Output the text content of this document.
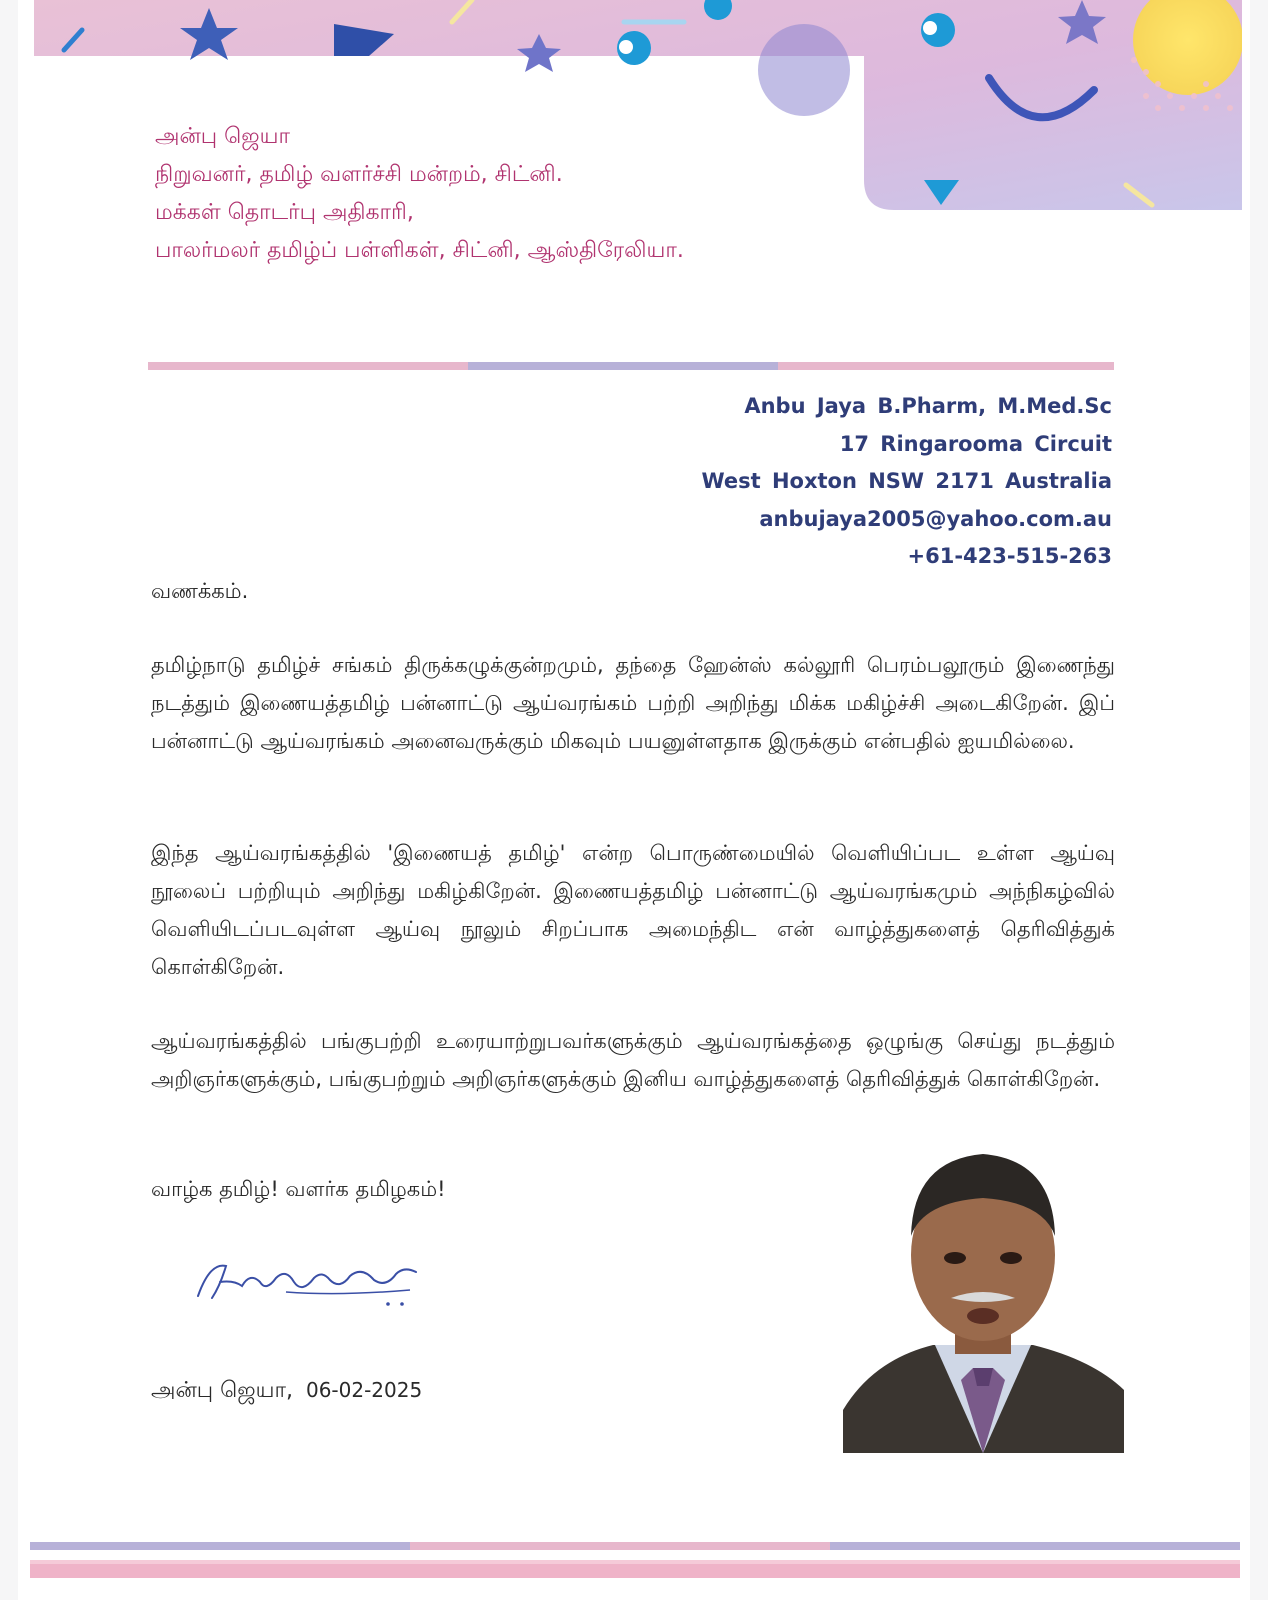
அன்பு ஜெயா
நிறுவனர், தமிழ் வளர்ச்சி மன்றம், சிட்னி.
மக்கள் தொடர்பு அதிகாரி,
பாலர்மலர் தமிழ்ப் பள்ளிகள், சிட்னி, ஆஸ்திரேலியா.
Anbu Jaya B.Pharm, M.Med.Sc
17 Ringarooma Circuit
West Hoxton NSW 2171 Australia
anbujaya2005@yahoo.com.au
+61-423-515-263
வணக்கம்.
தமிழ்நாடு தமிழ்ச் சங்கம் திருக்கழுக்குன்றமும், தந்தை ஹேன்ஸ் கல்லூரி பெரம்பலூரும் இணைந்து நடத்தும் இணையத்தமிழ் பன்னாட்டு ஆய்வரங்கம் பற்றி அறிந்து மிக்க மகிழ்ச்சி அடைகிறேன். இப் பன்னாட்டு ஆய்வரங்கம் அனைவருக்கும் மிகவும் பயனுள்ளதாக இருக்கும் என்பதில் ஐயமில்லை.
இந்த ஆய்வரங்கத்தில் 'இணையத் தமிழ்' என்ற பொருண்மையில் வெளியிப்பட உள்ள ஆய்வு நூலைப் பற்றியும் அறிந்து மகிழ்கிறேன். இணையத்தமிழ் பன்னாட்டு ஆய்வரங்கமும் அந்நிகழ்வில் வெளியிடப்படவுள்ள ஆய்வு நூலும் சிறப்பாக அமைந்திட என் வாழ்த்துகளைத் தெரிவித்துக் கொள்கிறேன்.
ஆய்வரங்கத்தில் பங்குபற்றி உரையாற்றுபவர்களுக்கும் ஆய்வரங்கத்தை ஒழுங்கு செய்து நடத்தும் அறிஞர்களுக்கும், பங்குபற்றும் அறிஞர்களுக்கும் இனிய வாழ்த்துகளைத் தெரிவித்துக் கொள்கிறேன்.
வாழ்க தமிழ்! வளர்க தமிழகம்!
அன்பு ஜெயா, 06-02-2025
